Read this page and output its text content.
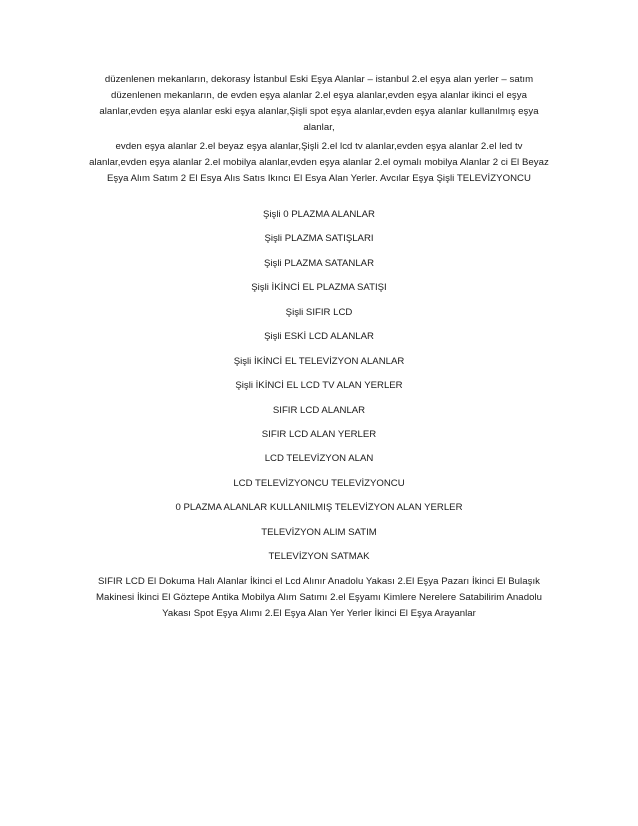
düzenlenen mekanların, dekorasy İstanbul Eski Eşya Alanlar – istanbul 2.el eşya alan yerler – satım düzenlenen mekanların, de evden eşya alanlar 2.el eşya alanlar,evden eşya alanlar ikinci el eşya alanlar,evden eşya alanlar eski eşya alanlar,Şişli spot eşya alanlar,evden eşya alanlar kullanılmış eşya alanlar,

evden eşya alanlar 2.el beyaz eşya alanlar,Şişli 2.el lcd tv alanlar,evden eşya alanlar 2.el led tv alanlar,evden eşya alanlar 2.el mobilya alanlar,evden eşya alanlar 2.el oymalı mobilya Alanlar 2 ci El Beyaz Eşya Alım Satım 2 El Esya Alıs Satıs Ikıncı El Esya Alan Yerler. Avcılar Eşya Şişli TELEVİZYONCU

Şişli 0 PLAZMA ALANLAR
Şişli PLAZMA SATIŞLARI
Şişli PLAZMA SATANLAR
Şişli İKİNCİ EL PLAZMA SATIŞI
Şişli SIFIR LCD
Şişli ESKİ LCD ALANLAR
Şişli İKİNCİ EL TELEVİZYON ALANLAR
Şişli İKİNCİ EL LCD TV ALAN YERLER
SIFIR LCD ALANLAR
SIFIR LCD ALAN YERLER
LCD TELEVİZYON ALAN
LCD TELEVİZYONCU TELEVİZYONCU
0 PLAZMA ALANLAR KULLANILMIŞ TELEVİZYON ALAN YERLER
TELEVİZYON ALIM SATIM
TELEVİZYON SATMAK

SIFIR LCD El Dokuma Halı Alanlar İkinci el Lcd Alınır Anadolu Yakası 2.El Eşya Pazarı İkinci El Bulaşık Makinesi İkinci El Göztepe Antika Mobilya Alım Satımı 2.el Eşyamı Kimlere Nerelere Satabilirim Anadolu Yakası Spot Eşya Alımı 2.El Eşya Alan Yer Yerler İkinci El Eşya Arayanlar
